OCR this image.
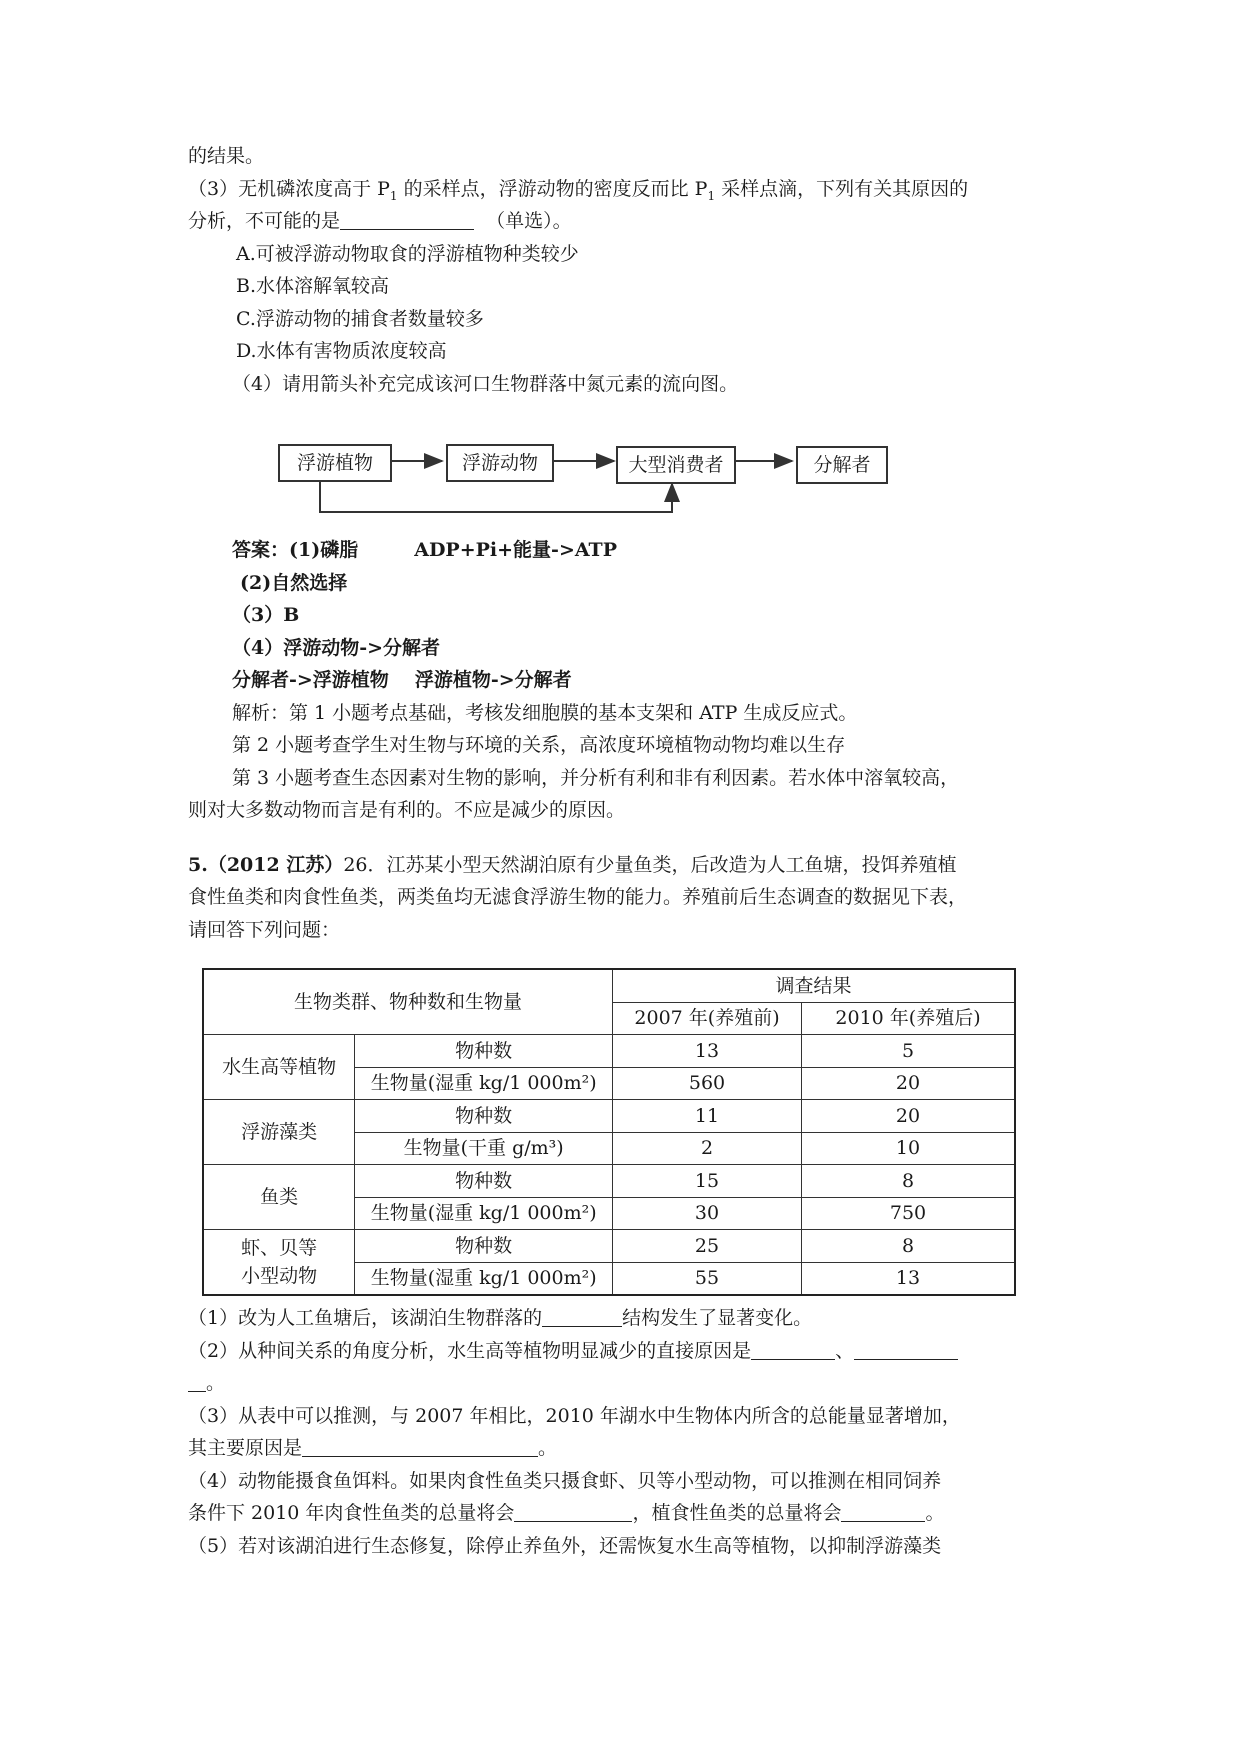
的结果。
（3）无机磷浓度高于 $P_1$ 的采样点，浮游动物的密度反而比 $P_1$ 采样点滴，下列有关其原因的
分析，不可能的是	（单选）。
A.可被浮游动物取食的浮游植物种类较少
B.水体溶解氧较高
C.浮游动物的捕食者数量较多
D.水体有害物质浓度较高
（4）请用箭头补充完成该河口生物群落中氮元素的流向图。
浮游植物	浮游动物	大型消费者	分解者
答案：(1)磷脂	ADP+Pi+能量->ATP
(2)自然选择
（3）B
（4）浮游动物->分解者
分解者->浮游植物 浮游植物->分解者
解析：第 1 小题考点基础，考核发细胞膜的基本支架和 ATP 生成反应式。
第 2 小题考查学生对生物与环境的关系，高浓度环境植物动物均难以生存
第 3 小题考查生态因素对生物的影响，并分析有利和非有利因素。若水体中溶氧较高，
则对大多数动物而言是有利的。不应是减少的原因。
5.（2012 江苏）26．江苏某小型天然湖泊原有少量鱼类，后改造为人工鱼塘，投饵养殖植
食性鱼类和肉食性鱼类，两类鱼均无滤食浮游生物的能力。养殖前后生态调查的数据见下表，
请回答下列问题：
生物类群、物种数和生物量		调查结果	
		2007 年(养殖前)	2010 年(养殖后)
水生高等植物	物种数	13	5
	生物量(湿重 kg/1 000m²)	560	20
浮游藻类	物种数	11	20
	生物量(干重 g/m³)	2	10
鱼类	物种数	15	8
	生物量(湿重 kg/1 000m²)	30	750
虾、贝等
小型动物	物种数	25	8
	生物量(湿重 kg/1 000m²)	55	13
（1）改为人工鱼塘后，该湖泊生物群落的	结构发生了显著变化。
（2）从种间关系的角度分析，水生高等植物明显减少的直接原因是	、
。
（3）从表中可以推测，与 2007 年相比，2010 年湖水中生物体内所含的总能量显著增加，
其主要原因是	。
（4）动物能摄食鱼饵料。如果肉食性鱼类只摄食虾、贝等小型动物，可以推测在相同饲养
条件下 2010 年肉食性鱼类的总量将会	，植食性鱼类的总量将会	。
（5）若对该湖泊进行生态修复，除停止养鱼外，还需恢复水生高等植物，以抑制浮游藻类
